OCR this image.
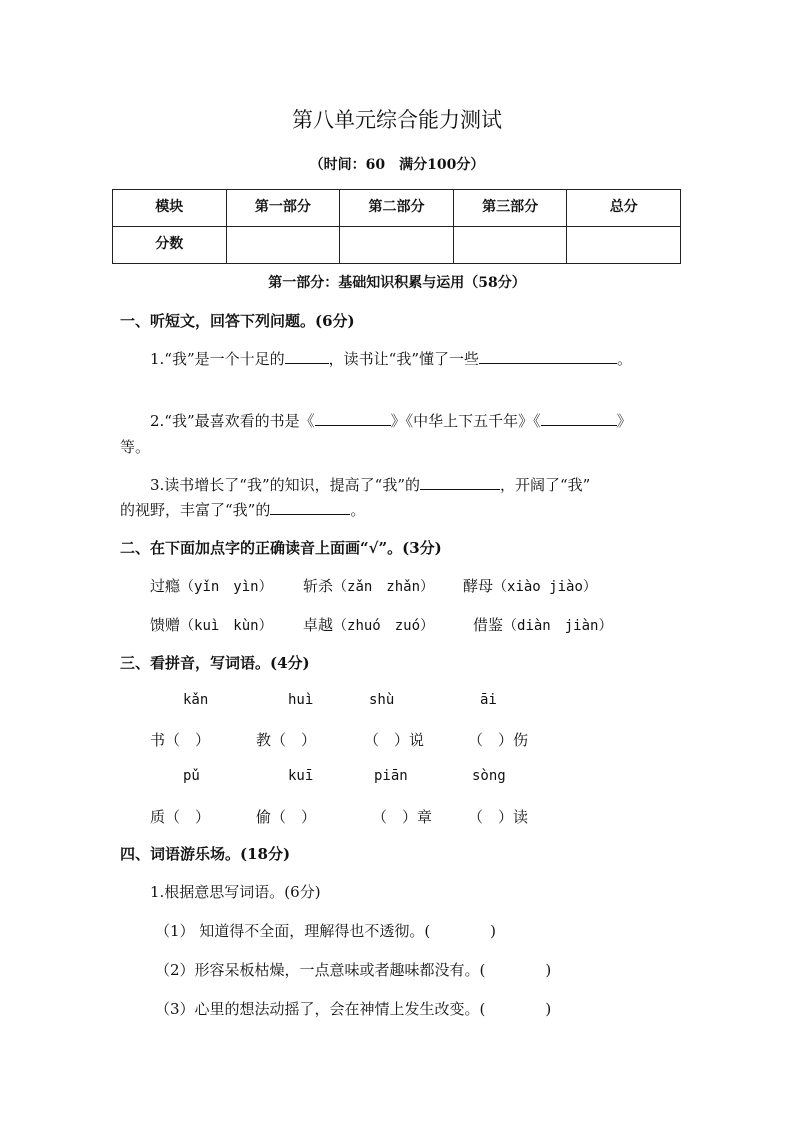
第八单元综合能力测试
（时间：60　满分100分）
模块	第一部分	第二部分	第三部分	总分
分数				
第一部分：基础知识积累与运用（58分）
一、听短文，回答下列问题。(6分)
1.“我”是一个十足的	，读书让“我”懂了一些	。
2.“我”最喜欢看的书是《	》《中华上下五千年》《	》
等。
3.读书增长了“我”的知识，提高了“我”的	，开阔了“我”
的视野，丰富了“我”的	。
二、在下面加点字的正确读音上面画“√”。(3分)
过瘾（yǐn　yìn） 斩杀（zǎn　zhǎn） 酵母（xiào jiào）
馈赠（kuì　kùn） 卓越（zhuó　zuó）	借鉴（diàn　jiàn）
三、看拼音，写词语。(4分)
kǎn	huì	shù	āi
书（　）	教（　）	（　）说	（　）伤
pǔ	kuī	piān	sòng
质（　）	偷（　）	（　）章 （　）读
四、词语游乐场。(18分)
1.根据意思写词语。(6分)
（1） 知道得不全面，理解得也不透彻。(　　　　)
（2）形容呆板枯燥，一点意味或者趣味都没有。(　　　　)
（3）心里的想法动摇了，会在神情上发生改变。(　　　　)
